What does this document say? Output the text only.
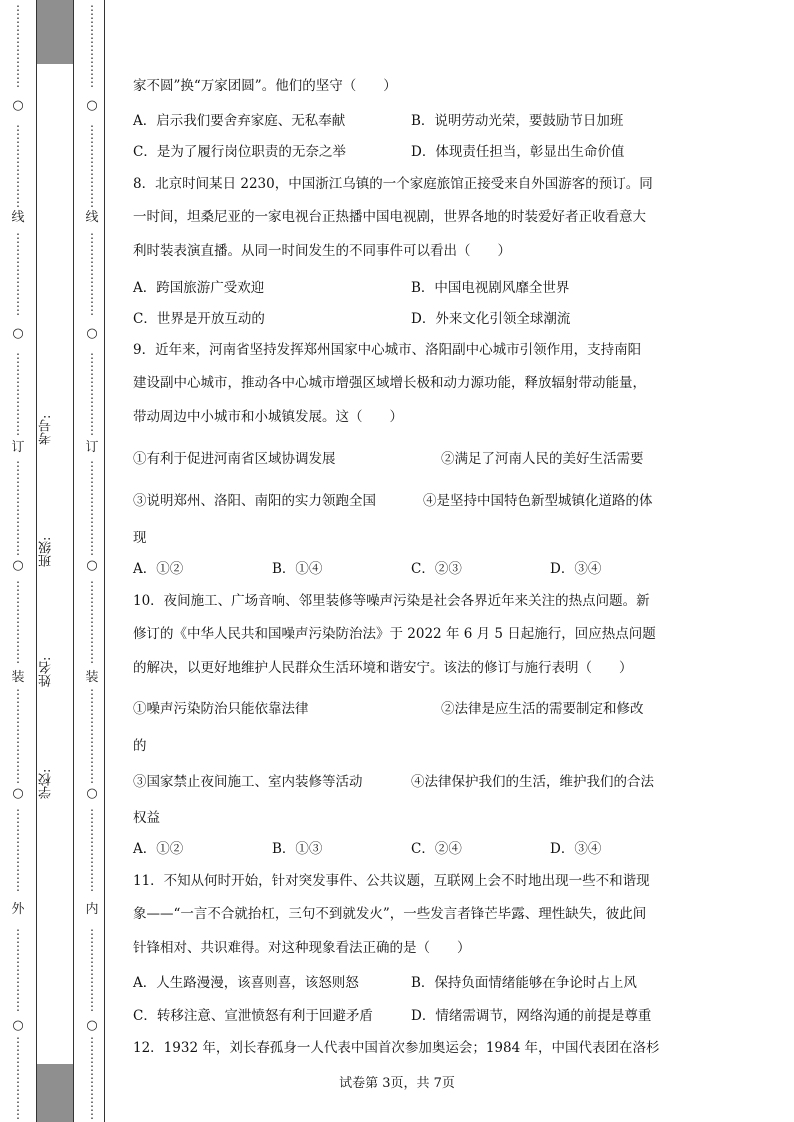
⋮
⋮
⋮
⋮
⋮
⋮
⋮
⋮
⋮
⋮
⋮
⋮
⋮
⋮
⋮
⋮
⋮
⋮
⋮
⋮
⋮
⋮
⋮
⋮
⋮
⋮
⋮
⋮
⋮
⋮
⋮
⋮
⋮
⋮
⋮
⋮
⋮
⋮
⋮
⋮
⋮
⋮
⋮
⋮
⋮
⋮
⋮
⋮
⋮
⋮
⋮
⋮
⋮
⋮
⋮
⋮
⋮
⋮
⋮
⋮
⋮
⋮
⋮
⋮
⋮
⋮
⋮
⋮
⋮
⋮
⋮
⋮
○
线
○
订
○
装
○
外
○
考号:
班级:
姓名:
学校:
⋮
⋮
⋮
⋮
⋮
⋮
⋮
⋮
⋮
⋮
⋮
⋮
⋮
⋮
⋮
⋮
⋮
⋮
⋮
⋮
⋮
⋮
⋮
⋮
⋮
⋮
⋮
⋮
⋮
⋮
⋮
⋮
⋮
⋮
⋮
⋮
⋮
⋮
⋮
⋮
⋮
⋮
⋮
⋮
⋮
⋮
⋮
⋮
⋮
⋮
⋮
⋮
⋮
⋮
⋮
⋮
⋮
⋮
⋮
⋮
⋮
⋮
⋮
⋮
⋮
⋮
⋮
⋮
⋮
⋮
⋮
⋮
○
线
○
订
○
装
○
内
○
家不圆”换“万家团圆”。他们的坚守（　　）
A．启示我们要舍弃家庭、无私奉献	B．说明劳动光荣，要鼓励节日加班
C．是为了履行岗位职责的无奈之举	D．体现责任担当，彰显出生命价值
8．北京时间某日 2230，中国浙江乌镇的一个家庭旅馆正接受来自外国游客的预订。同
一时间，坦桑尼亚的一家电视台正热播中国电视剧，世界各地的时装爱好者正收看意大
利时装表演直播。从同一时间发生的不同事件可以看出（　　）
A．跨国旅游广受欢迎	B．中国电视剧风靡全世界
C．世界是开放互动的	D．外来文化引领全球潮流
9．近年来，河南省坚持发挥郑州国家中心城市、洛阳副中心城市引领作用，支持南阳
建设副中心城市，推动各中心城市增强区域增长极和动力源功能，释放辐射带动能量，
带动周边中小城市和小城镇发展。这（　　）
①有利于促进河南省区域协调发展	②满足了河南人民的美好生活需要
③说明郑州、洛阳、南阳的实力领跑全国	④是坚持中国特色新型城镇化道路的体
现
A．①②	B．①④	C．②③	D．③④
10．夜间施工、广场音响、邻里装修等噪声污染是社会各界近年来关注的热点问题。新
修订的《中华人民共和国噪声污染防治法》于 2022 年 6 月 5 日起施行，回应热点问题
的解决，以更好地维护人民群众生活环境和谐安宁。该法的修订与施行表明（　　）
①噪声污染防治只能依靠法律	②法律是应生活的需要制定和修改
的
③国家禁止夜间施工、室内装修等活动	④法律保护我们的生活，维护我们的合法
权益
A．①②	B．①③	C．②④	D．③④
11．不知从何时开始，针对突发事件、公共议题，互联网上会不时地出现一些不和谐现
象——“一言不合就抬杠，三句不到就发火”，一些发言者锋芒毕露、理性缺失，彼此间
针锋相对、共识难得。对这种现象看法正确的是（　　）
A．人生路漫漫，该喜则喜，该怒则怒	B．保持负面情绪能够在争论时占上风
C．转移注意、宣泄愤怒有利于回避矛盾	D．情绪需调节，网络沟通的前提是尊重
12．1932 年，刘长春孤身一人代表中国首次参加奥运会；1984 年，中国代表团在洛杉
试卷第 3页，共 7页
